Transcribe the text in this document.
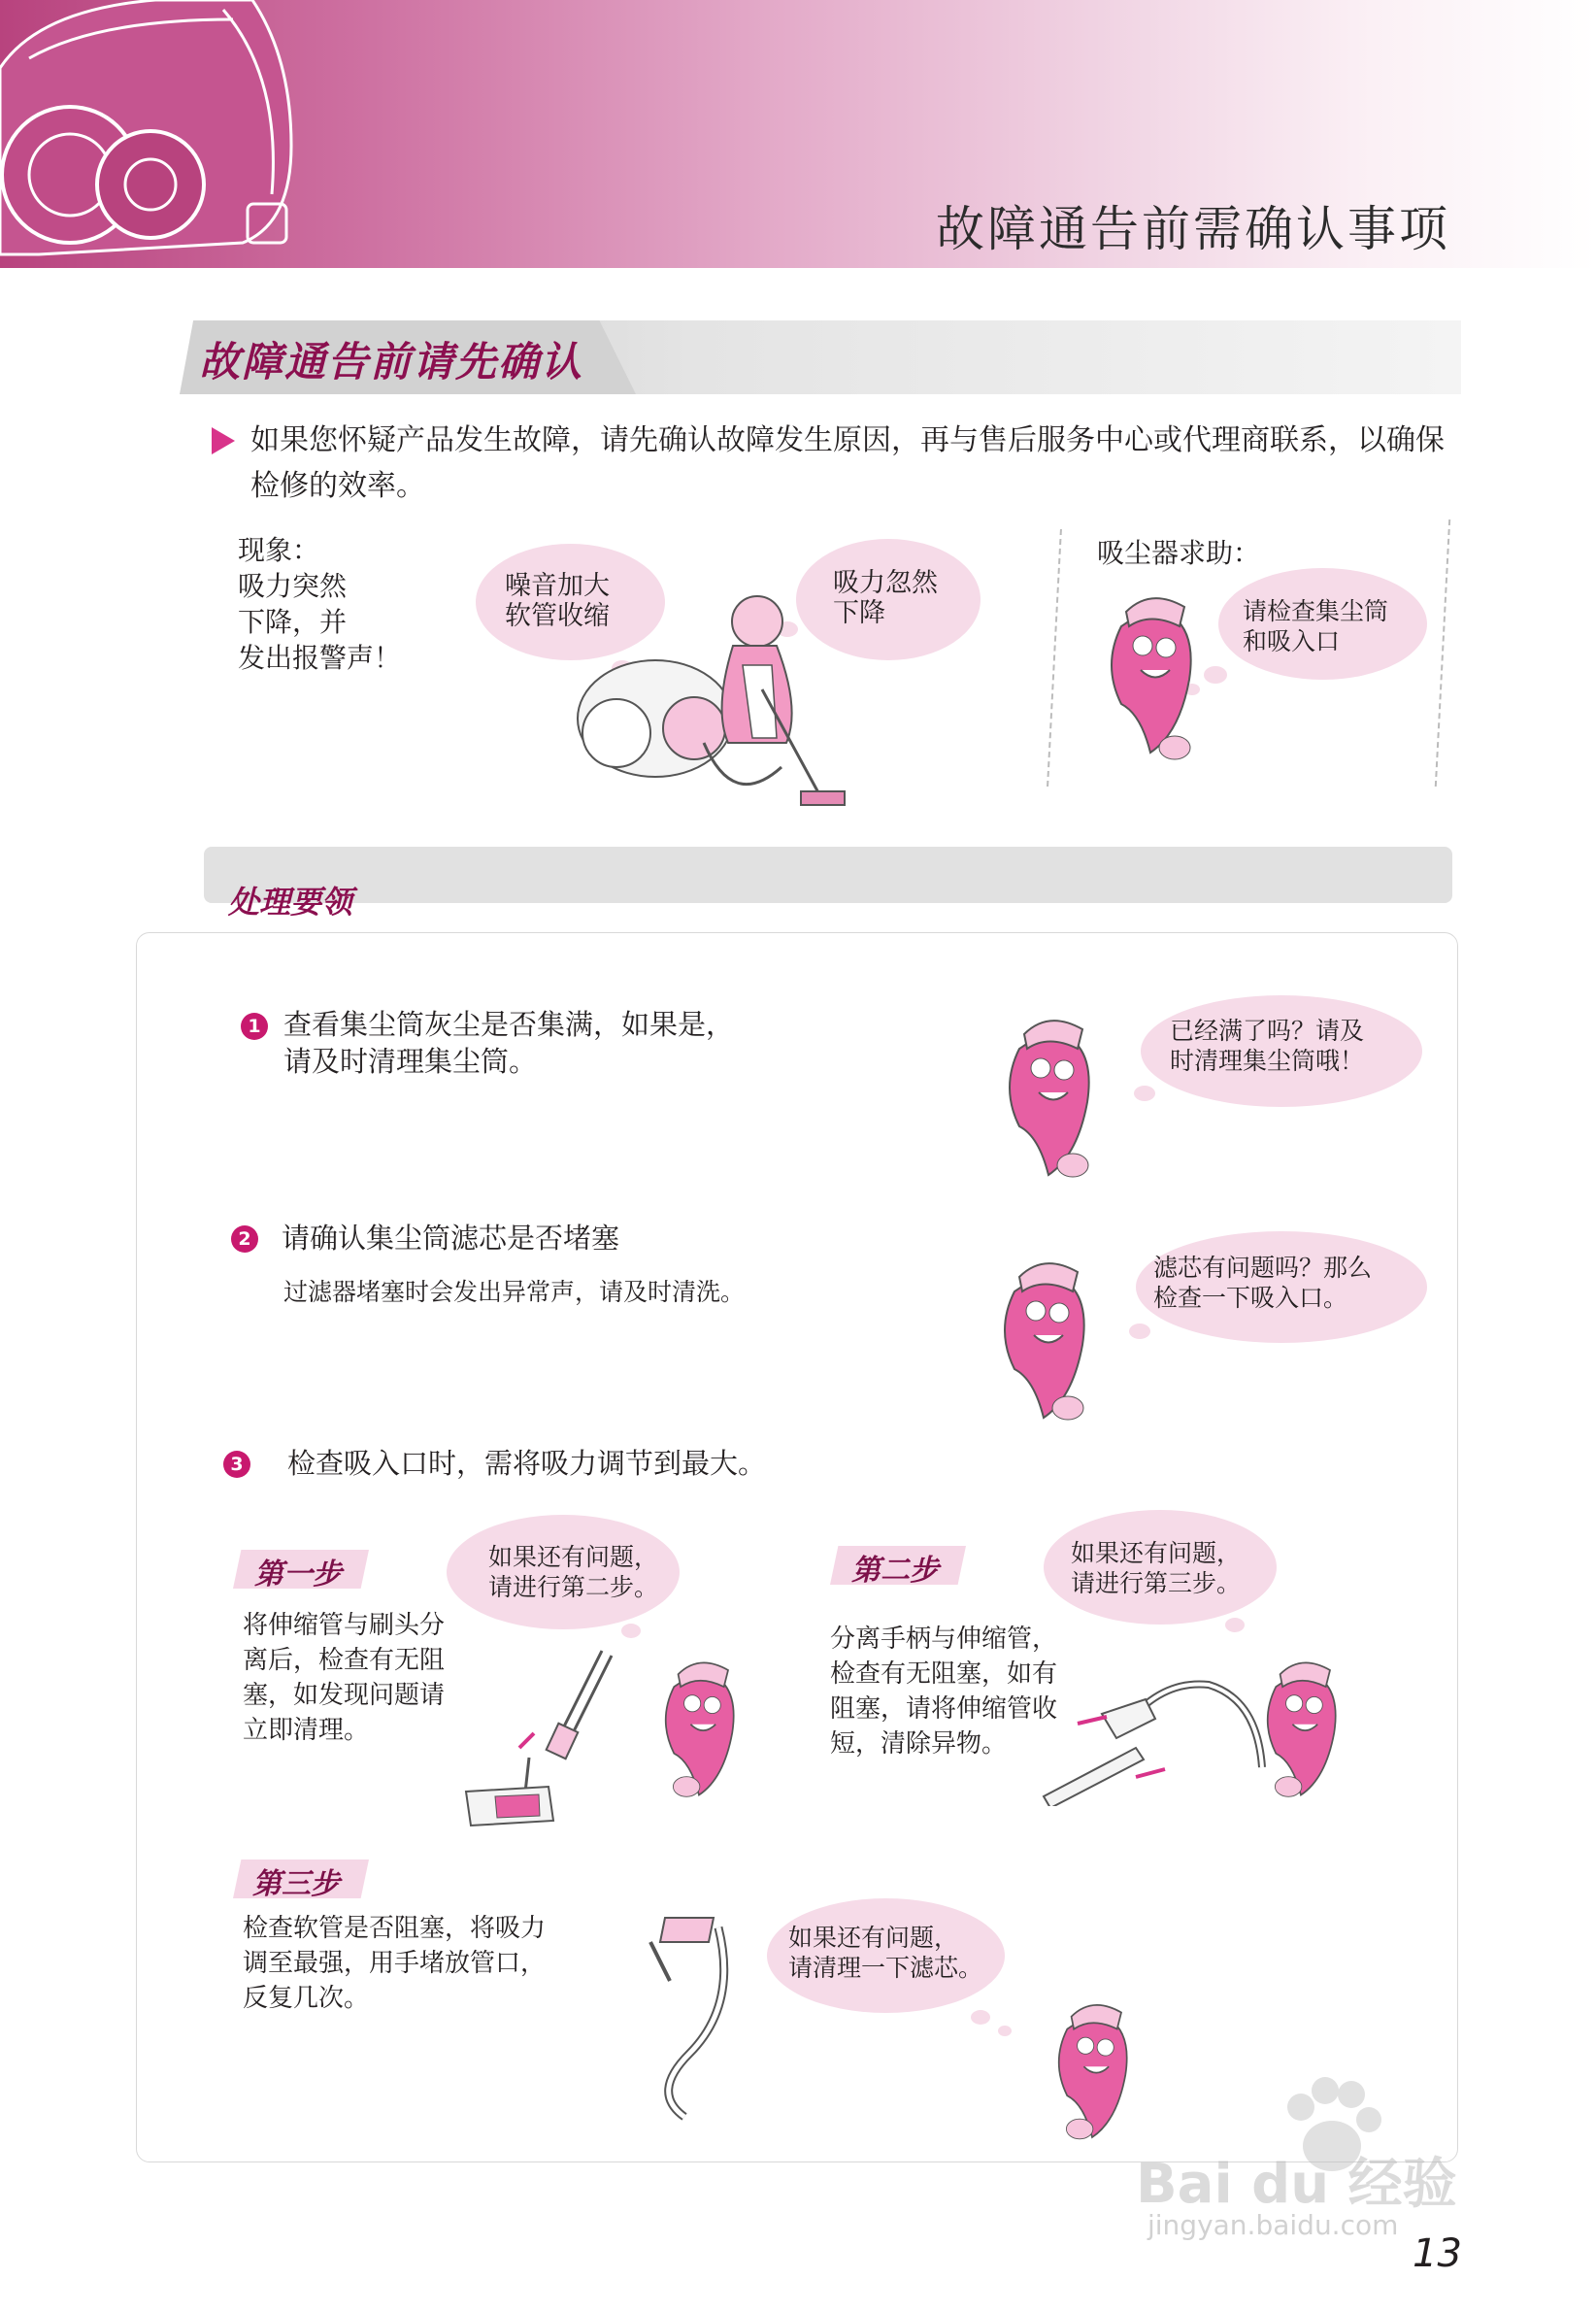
故障通告前需确认事项
故障通告前请先确认
如果您怀疑产品发生故障，请先确认故障发生原因，再与售后服务中心或代理商联系，以确保检修的效率。
现象：
吸力突然
下降，并
发出报警声！
噪音加大
软管收缩
吸力忽然
下降
吸尘器求助：
请检查集尘筒
和吸入口
处理要领
1 查看集尘筒灰尘是否集满，如果是，
请及时清理集尘筒。
已经满了吗？请及
时清理集尘筒哦！
2 请确认集尘筒滤芯是否堵塞
过滤器堵塞时会发出异常声，请及时清洗。
滤芯有问题吗？那么
检查一下吸入口。
3 检查吸入口时，需将吸力调节到最大。
第一步
将伸缩管与刷头分
离后，检查有无阻
塞，如发现问题请
立即清理。
如果还有问题，
请进行第二步。	第二步
分离手柄与伸缩管，
检查有无阻塞，如有
阻塞，请将伸缩管收
短，清除异物。
如果还有问题，
请进行第三步。
第三步
检查软管是否阻塞，将吸力
调至最强，用手堵放管口，
反复几次。
如果还有问题，
请清理一下滤芯。
Bai du 经验
jingyan.baidu.com
13
